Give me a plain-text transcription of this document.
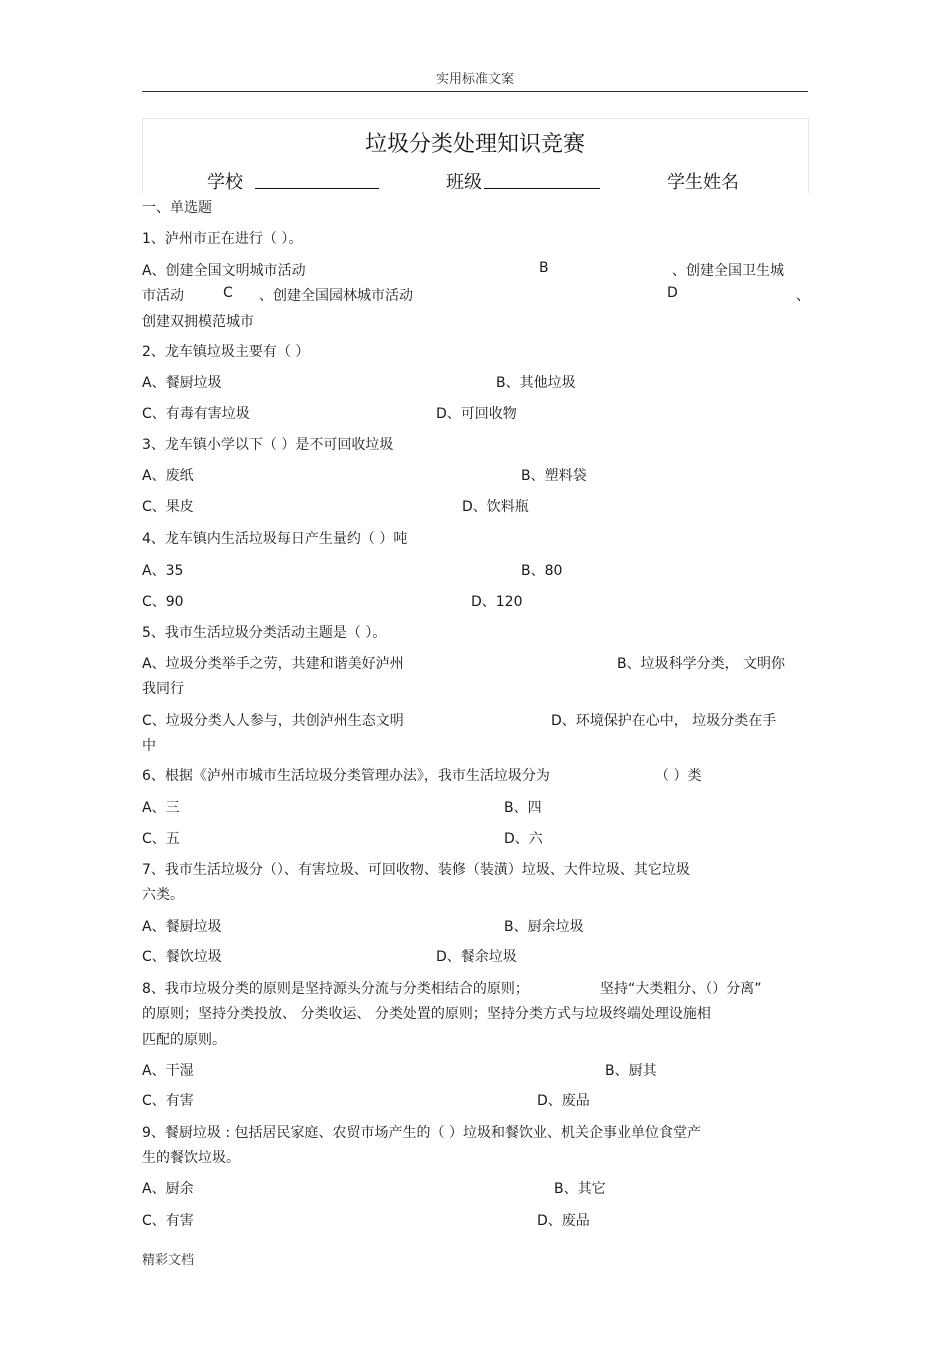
实用标准文案
垃圾分类处理知识竞赛
学校	班级	学生姓名
一、单选题
1、泸州市正在进行（ ）。
A、创建全国文明城市活动	B	、创建全国卫生城
市活动	C 、创建全国园林城市活动	D	、
创建双拥模范城市
2、龙车镇垃圾主要有（ ）
A、餐厨垃圾	B、其他垃圾
C、有毒有害垃圾	D、可回收物
3、龙车镇小学以下（ ）是不可回收垃圾
A、废纸	B、塑料袋
C、果皮	D、饮料瓶
4、龙车镇内生活垃圾每日产生量约（ ）吨
A、35	B、80
C、90	D、120
5、我市生活垃圾分类活动主题是（ ）。
A、垃圾分类举手之劳，共建和谐美好泸州	B、垃圾科学分类， 文明你
我同行
C、垃圾分类人人参与，共创泸州生态文明	D、环境保护在心中， 垃圾分类在手
中
6、根据《泸州市城市生活垃圾分类管理办法》，我市生活垃圾分为	（ ）类
A、三	B、四
C、五	D、六
7、我市生活垃圾分（）、有害垃圾、可回收物、装修（装潢）垃圾、大件垃圾、其它垃圾
六类。
A、餐厨垃圾	B、厨余垃圾
C、餐饮垃圾	D、餐余垃圾
8、我市垃圾分类的原则是坚持源头分流与分类相结合的原则；	坚持“大类粗分、（）分离”
的原则；坚持分类投放、 分类收运、 分类处置的原则；坚持分类方式与垃圾终端处理设施相
匹配的原则。
A、干湿	B、厨其
C、有害	D、废品
9、餐厨垃圾 : 包括居民家庭、农贸市场产生的（ ）垃圾和餐饮业、机关企事业单位食堂产
生的餐饮垃圾。
A、厨余	B、其它
C、有害	D、废品
精彩文档
